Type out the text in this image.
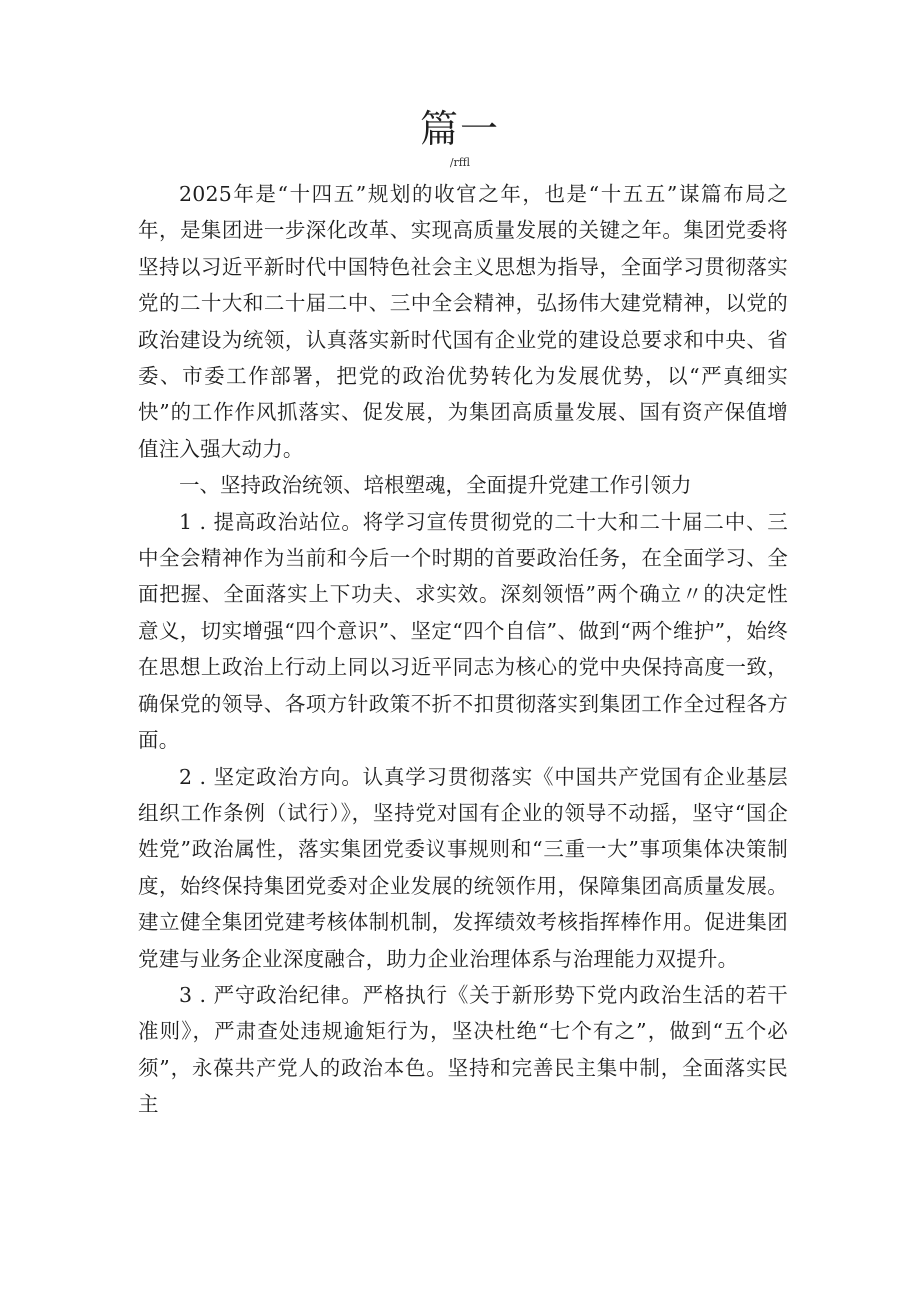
篇一
/rffl

2025年是“十四五”规划的收官之年，也是“十五五”谋篇布局之年，是集团进一步深化改革、实现高质量发展的关键之年。集团党委将坚持以习近平新时代中国特色社会主义思想为指导，全面学习贯彻落实党的二十大和二十届二中、三中全会精神，弘扬伟大建党精神，以党的政治建设为统领，认真落实新时代国有企业党的建设总要求和中央、省委、市委工作部署，把党的政治优势转化为发展优势，以“严真细实快”的工作作风抓落实、促发展，为集团高质量发展、国有资产保值增值注入强大动力。

一、坚持政治统领、培根塑魂，全面提升党建工作引领力

1 . 提高政治站位。将学习宣传贯彻党的二十大和二十届二中、三中全会精神作为当前和今后一个时期的首要政治任务，在全面学习、全面把握、全面落实上下功夫、求实效。深刻领悟”两个确立〃的决定性意义，切实增强“四个意识”、坚定“四个自信”、做到“两个维护”，始终在思想上政治上行动上同以习近平同志为核心的党中央保持高度一致，确保党的领导、各项方针政策不折不扣贯彻落实到集团工作全过程各方面。

2 . 坚定政治方向。认真学习贯彻落实《中国共产党国有企业基层组织工作条例（试行）》，坚持党对国有企业的领导不动摇，坚守“国企姓党”政治属性，落实集团党委议事规则和“三重一大”事项集体决策制度，始终保持集团党委对企业发展的统领作用，保障集团高质量发展。建立健全集团党建考核体制机制，发挥绩效考核指挥棒作用。促进集团党建与业务企业深度融合，助力企业治理体系与治理能力双提升。

3 . 严守政治纪律。严格执行《关于新形势下党内政治生活的若干准则》，严肃查处违规逾矩行为，坚决杜绝“七个有之”，做到“五个必须”，永葆共产党人的政治本色。坚持和完善民主集中制，全面落实民主
